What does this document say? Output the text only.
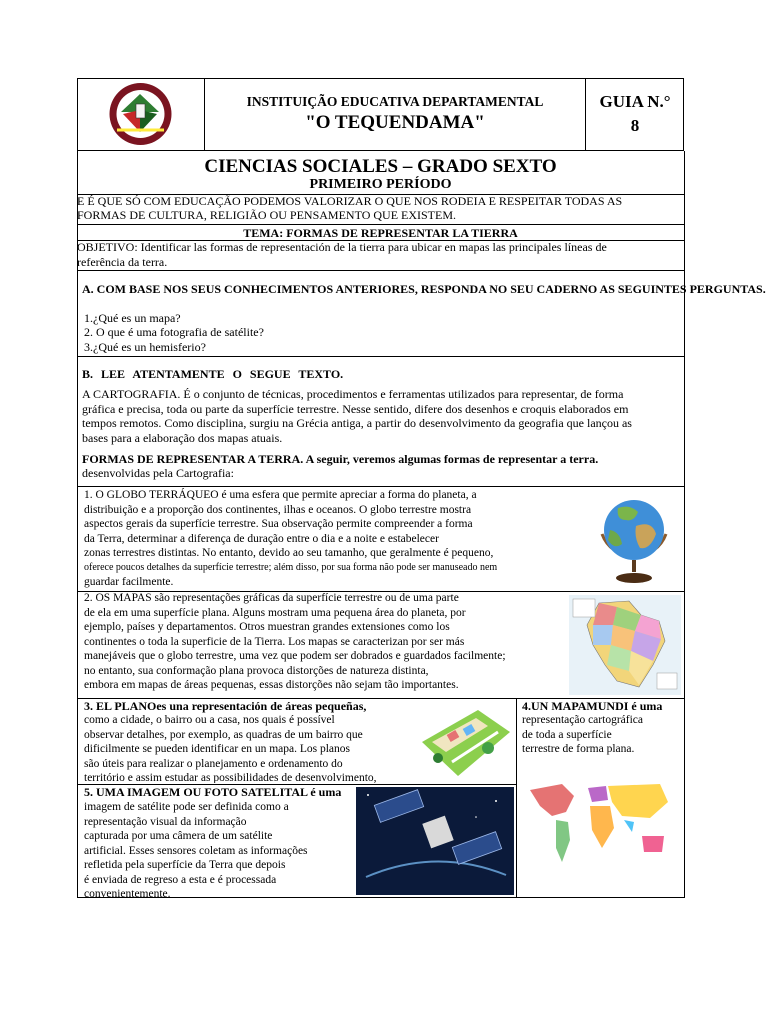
INSTITUIÇÃO EDUCATIVA DEPARTAMENTAL
"O TEQUENDAMA"
GUIA N.°
8
CIENCIAS SOCIALES – GRADO SEXTO
PRIMEIRO PERÍODO
E É QUE SÓ COM EDUCAÇÃO PODEMOS VALORIZAR O QUE NOS RODEIA E RESPEITAR TODAS AS FORMAS DE CULTURA, RELIGIÃO OU PENSAMENTO QUE EXISTEM.
TEMA: FORMAS DE REPRESENTAR LA TIERRA
OBJETIVO: Identificar las formas de representación de la tierra para ubicar en mapas las principales líneas de referência da terra.
A. COM BASE NOS SEUS CONHECIMENTOS ANTERIORES, RESPONDA NO SEU CADERNO AS SEGUINTES PERGUNTAS.
1.¿Qué es un mapa?
2. O que é uma fotografia de satélite?
3.¿Qué es un hemisferio?
B. LEE ATENTAMENTE O SEGUE TEXTO.
A CARTOGRAFIA. É o conjunto de técnicas, procedimentos e ferramentas utilizados para representar, de forma gráfica e precisa, toda ou parte da superfície terrestre. Nesse sentido, difere dos desenhos e croquis elaborados em tempos remotos. Como disciplina, surgiu na Grécia antiga, a partir do desenvolvimento da geografia que lançou as bases para a elaboração dos mapas atuais.
FORMAS DE REPRESENTAR A TERRA. A seguir, veremos algumas formas de representar a terra.
desenvolvidas pela Cartografia:
1. O GLOBO TERRÁQUEO é uma esfera que permite apreciar a forma do planeta, a
distribuição e a proporção dos continentes, ilhas e oceanos. O globo terrestre mostra
aspectos gerais da superfície terrestre. Sua observação permite compreender a forma
da Terra, determinar a diferença de duração entre o dia e a noite e estabelecer
zonas terrestres distintas. No entanto, devido ao seu tamanho, que geralmente é pequeno,
oferece poucos detalhes da superfície terrestre; além disso, por sua forma não pode ser manuseado nem
guardar facilmente.
2. OS MAPAS são representações gráficas da superfície terrestre ou de uma parte
de ela em uma superfície plana. Alguns mostram uma pequena área do planeta, por
ejemplo, países y departamentos. Otros muestran grandes extensiones como los
continentes o toda la superficie de la Tierra. Los mapas se caracterizan por ser más
manejáveis que o globo terrestre, uma vez que podem ser dobrados e guardados facilmente;
no entanto, sua conformação plana provoca distorções de natureza distinta,
embora em mapas de áreas pequenas, essas distorções não sejam tão importantes.
3. EL PLANOes una representación de áreas pequeñas,
como a cidade, o bairro ou a casa, nos quais é possível
observar detalhes, por exemplo, as quadras de um bairro que
dificilmente se pueden identificar en un mapa. Los planos
são úteis para realizar o planejamento e ordenamento do
território e assim estudar as possibilidades de desenvolvimento,
4.UN MAPAMUNDI é uma
representação cartográfica
de toda a superfície
terrestre de forma plana.
5. UMA IMAGEM OU FOTO SATELITAL é uma
imagem de satélite pode ser definida como a
representação visual da informação
capturada por uma câmera de um satélite
artificial. Esses sensores coletam as informações
refletida pela superfície da Terra que depois
é enviada de regreso a esta e é processada
convenientemente.
